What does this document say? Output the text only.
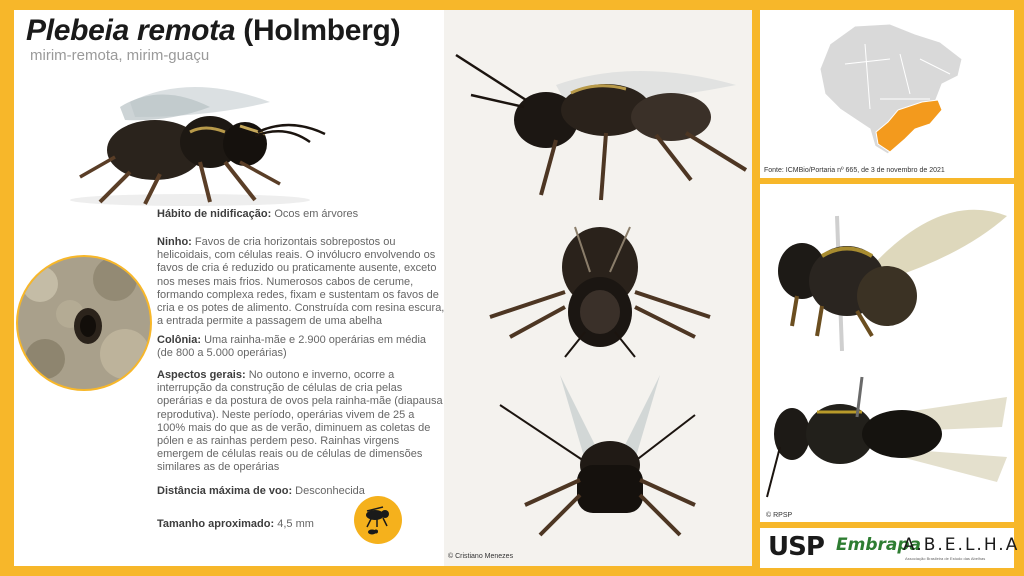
Plebeia remota (Holmberg)
mirim-remota, mirim-guaçu
Hábito de nidificação: Ocos em árvores
Ninho: Favos de cria horizontais sobrepostos ou helicoidais, com células reais. O invólucro envolvendo os favos de cria é reduzido ou praticamente ausente, exceto nos meses mais frios. Numerosos cabos de cerume, formando complexa redes, fixam e sustentam os favos de cria e os potes de alimento. Construída com resina escura, a entrada permite a passagem de uma abelha
Colônia: Uma rainha-mãe e 2.900 operárias em média (de 800 a 5.000 operárias)
Aspectos gerais: No outono e inverno, ocorre a interrupção da construção de células de cria pelas operárias e da postura de ovos pela rainha-mãe (diapausa reprodutiva). Neste período, operárias vivem de 25 a 100% mais do que as de verão, diminuem as coletas de pólen e as rainhas perdem peso. Rainhas virgens emergem de células reais ou de células de dimensões similares as de operárias
Distância máxima de voo: Desconhecida
Tamanho aproximado: 4,5 mm
© Cristiano Menezes
Fonte: ICMBio/Portaria nº 665, de 3 de novembro de 2021
© RPSP
USP Embrapa
A.B.E.L.H.A
Associação Brasileira de Estudo das Abelhas
